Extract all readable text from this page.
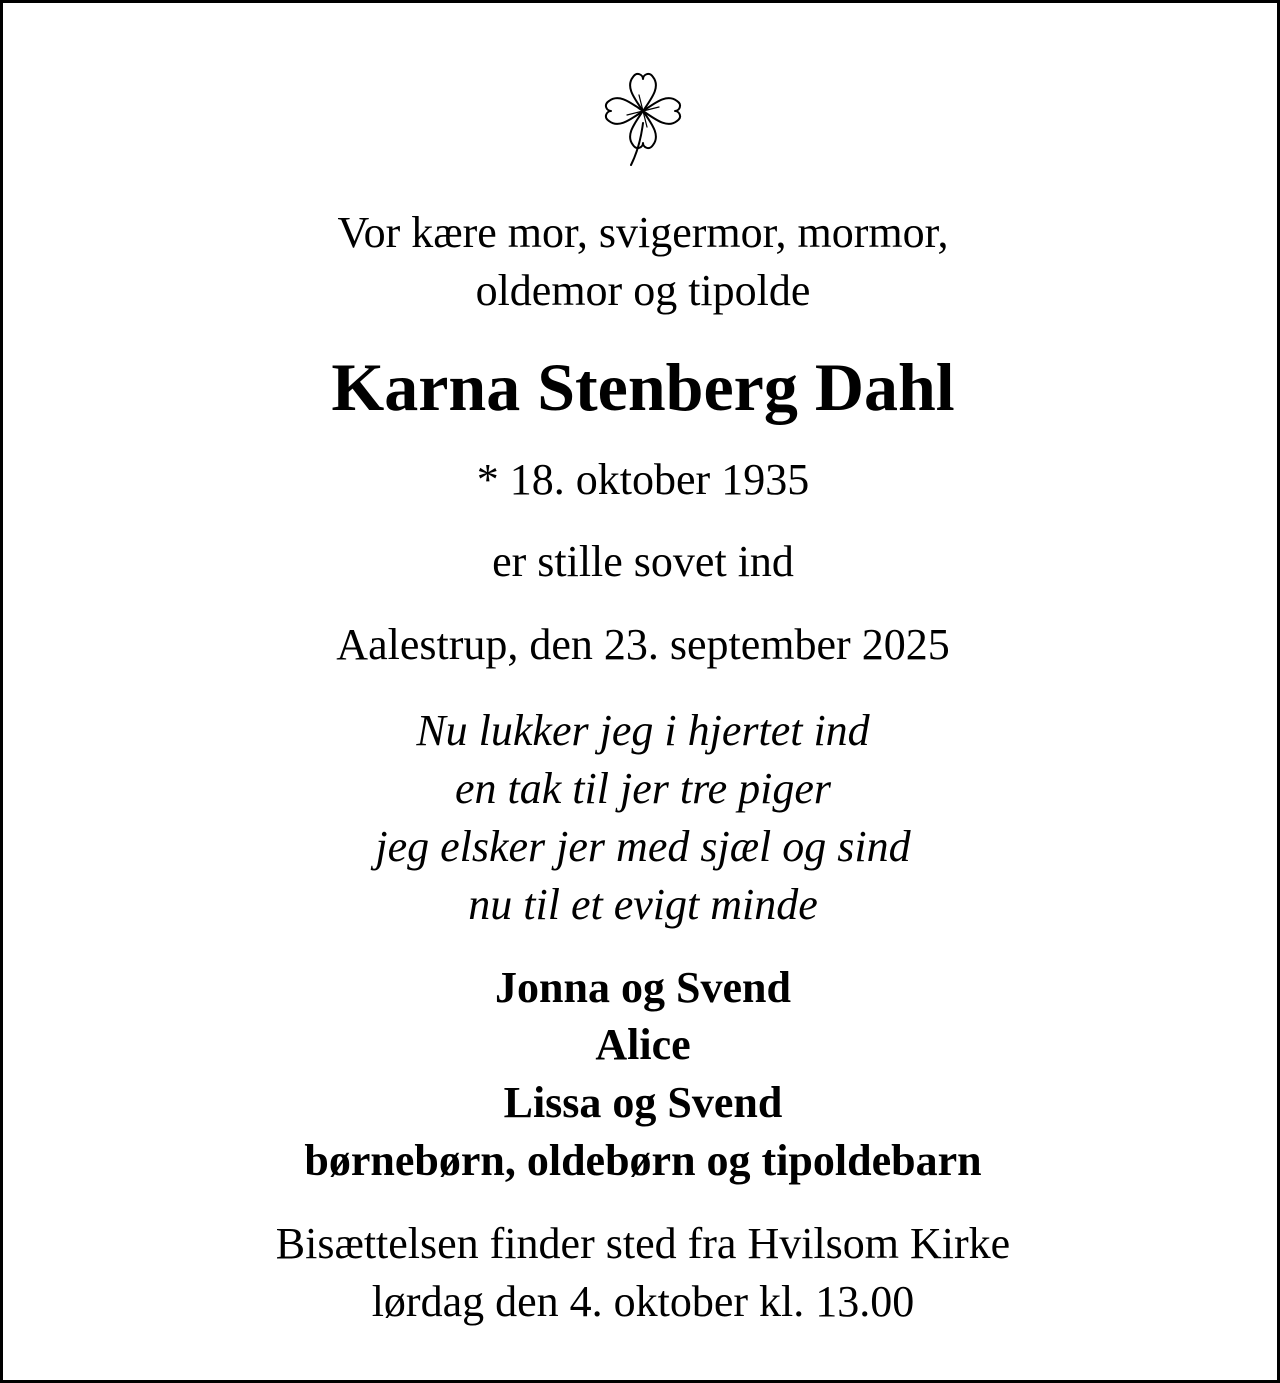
Vor kære mor, svigermor, mormor,
oldemor og tipolde
Karna Stenberg Dahl
* 18. oktober 1935
er stille sovet ind
Aalestrup, den 23. september 2025
Nu lukker jeg i hjertet ind
en tak til jer tre piger
jeg elsker jer med sjæl og sind
nu til et evigt minde
Jonna og Svend
Alice
Lissa og Svend
børnebørn, oldebørn og tipoldebarn
Bisættelsen finder sted fra Hvilsom Kirke
lørdag den 4. oktober kl. 13.00
